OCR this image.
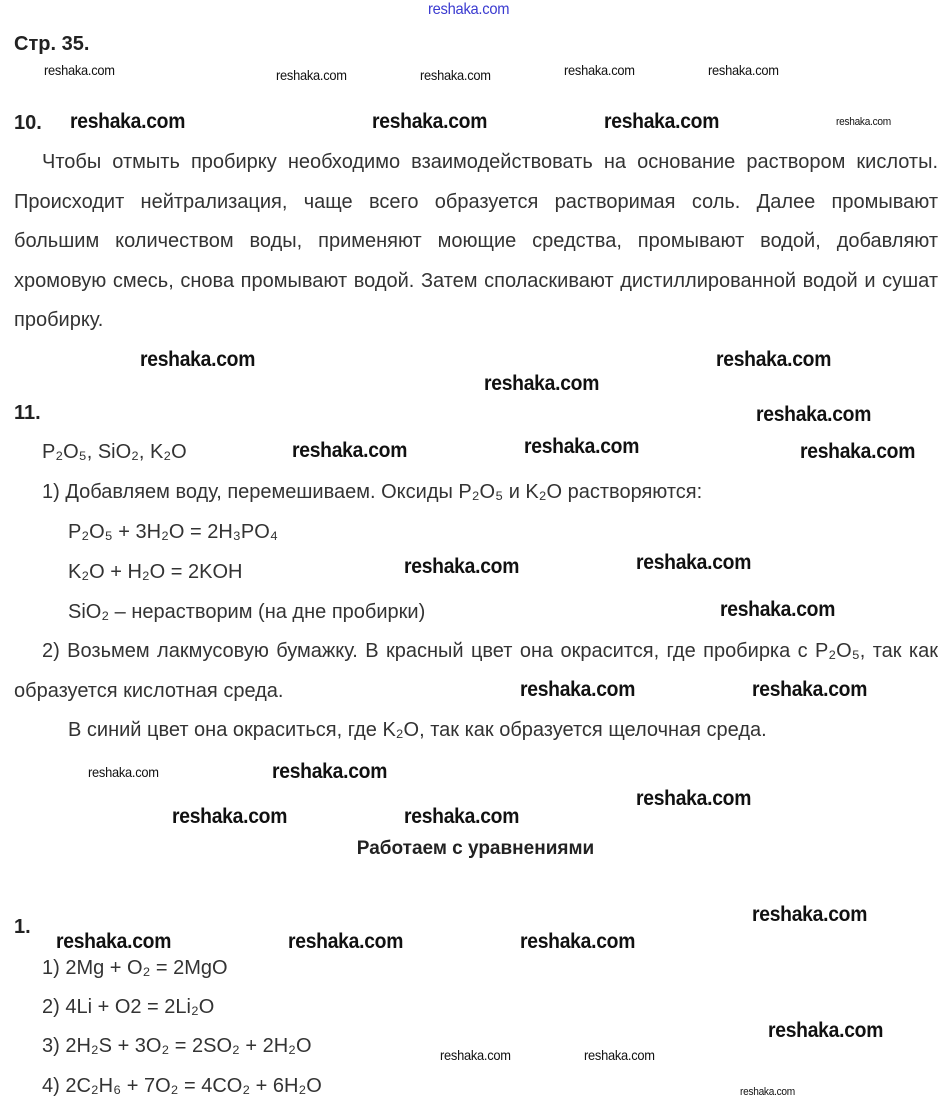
reshaka.com
reshaka.com	reshaka.com	reshaka.com	reshaka.com	reshaka.com
Стр. 35.
10.
Чтобы отмыть пробирку необходимо взаимодействовать на основание раствором кислоты. Происходит нейтрализация, чаще всего образуется растворимая соль. Далее промывают большим количеством воды, применяют моющие средства, промывают водой, добавляют хромовую смесь, снова промывают водой. Затем споласкивают дистиллированной водой и сушат пробирку.
11.
P₂O₅, SiO₂, K₂O
1) Добавляем воду, перемешиваем. Оксиды P₂O₅ и K₂O растворяются:
P₂O₅ + 3H₂O = 2H₃PO₄
K₂O + H₂O = 2KOH
SiO₂ – нерастворим (на дне пробирки)
2) Возьмем лакмусовую бумажку. В красный цвет она окрасится, где пробирка с P₂O₅, так как образуется кислотная среда.
В синий цвет она окраситься, где K₂O, так как образуется щелочная среда.
Работаем с уравнениями
1.
1) 2Mg + O₂ = 2MgO
2) 4Li + O2 = 2Li₂O
3) 2H₂S + 3O₂ = 2SO₂ + 2H₂O
4) 2C₂H₆ + 7O₂ = 4CO₂ + 6H₂O
reshaka.com	reshaka.com	reshaka.com	reshaka.com
reshaka.com	reshaka.com
reshaka.com
reshaka.com
reshaka.com	reshaka.com	reshaka.com
reshaka.com	reshaka.com
reshaka.com
reshaka.com	reshaka.com
reshaka.com	reshaka.com
reshaka.com
reshaka.com	reshaka.com
reshaka.com
reshaka.com	reshaka.com	reshaka.com
reshaka.com
reshaka.com
reshaka.com	reshaka.com
